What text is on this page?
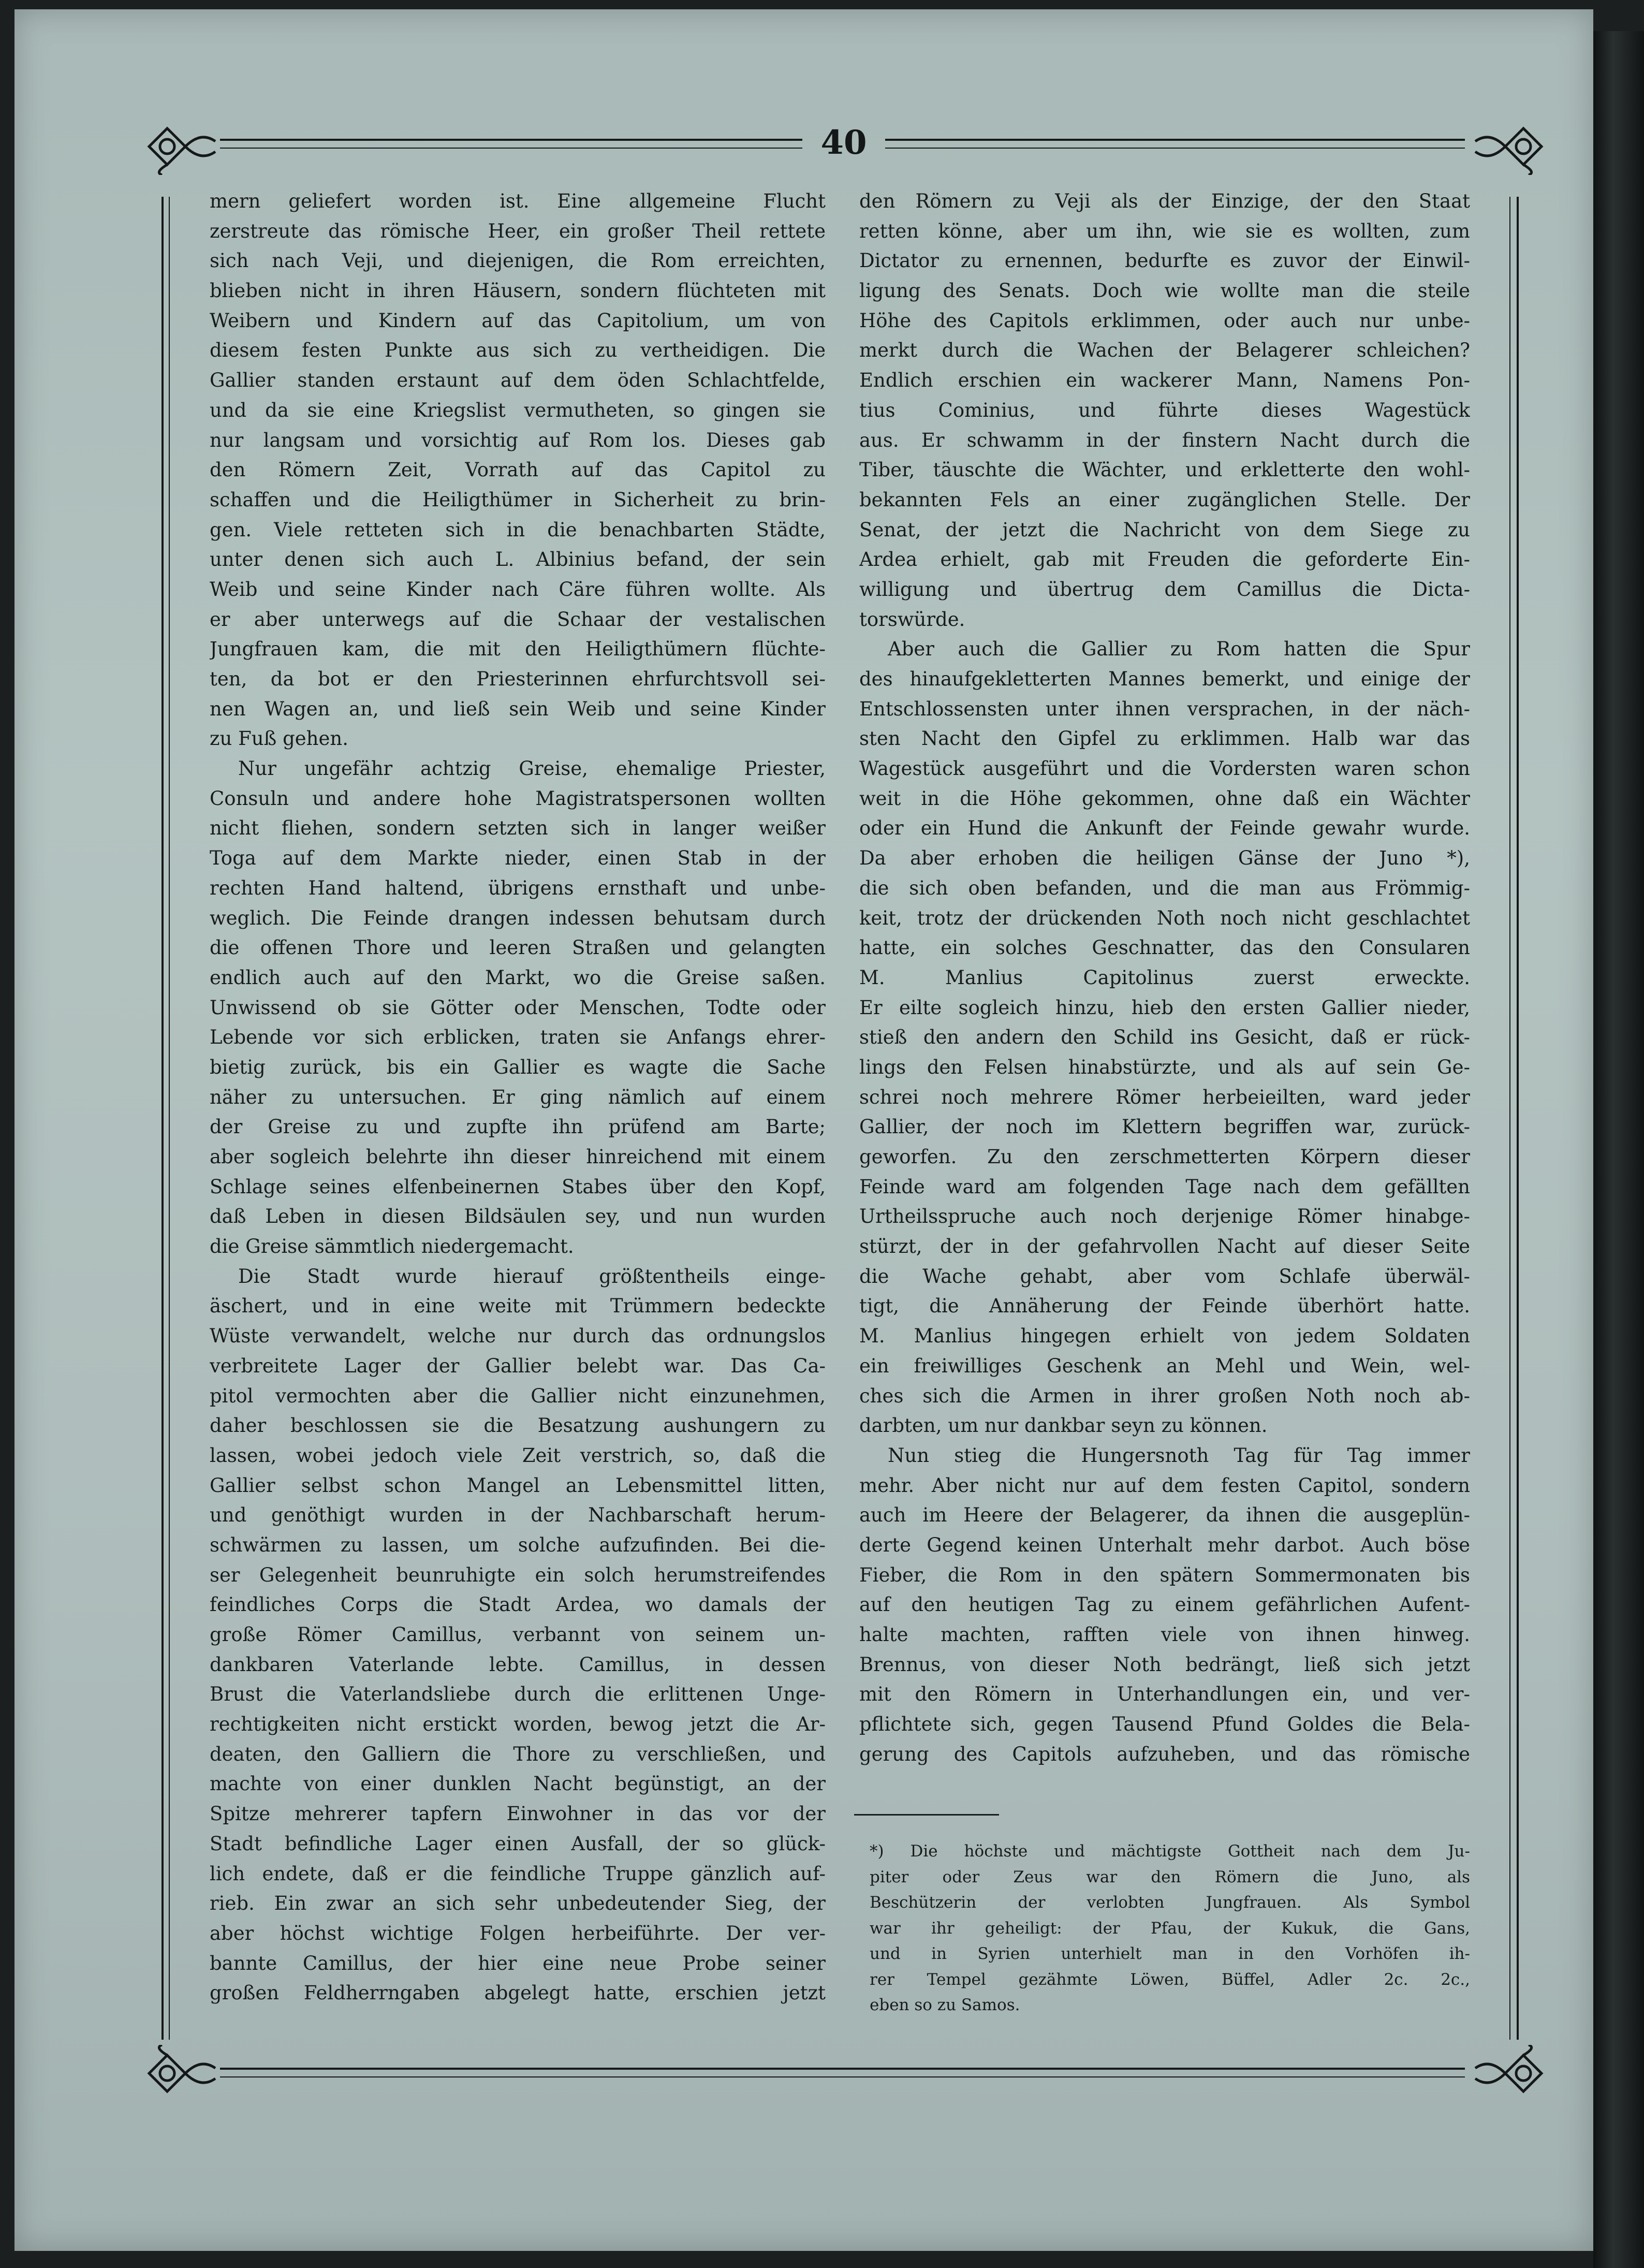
40
mern geliefert worden ist. Eine allgemeine Flucht
zerstreute das römische Heer, ein großer Theil rettete
sich nach Veji, und diejenigen, die Rom erreichten,
blieben nicht in ihren Häusern, sondern flüchteten mit
Weibern und Kindern auf das Capitolium, um von
diesem festen Punkte aus sich zu vertheidigen. Die
Gallier standen erstaunt auf dem öden Schlachtfelde,
und da sie eine Kriegslist vermutheten, so gingen sie
nur langsam und vorsichtig auf Rom los. Dieses gab
den Römern Zeit, Vorrath auf das Capitol zu
schaffen und die Heiligthümer in Sicherheit zu brin-
gen. Viele retteten sich in die benachbarten Städte,
unter denen sich auch L. Albinius befand, der sein
Weib und seine Kinder nach Cäre führen wollte. Als
er aber unterwegs auf die Schaar der vestalischen
Jungfrauen kam, die mit den Heiligthümern flüchte-
ten, da bot er den Priesterinnen ehrfurchtsvoll sei-
nen Wagen an, und ließ sein Weib und seine Kinder
zu Fuß gehen.
Nur ungefähr achtzig Greise, ehemalige Priester,
Consuln und andere hohe Magistratspersonen wollten
nicht fliehen, sondern setzten sich in langer weißer
Toga auf dem Markte nieder, einen Stab in der
rechten Hand haltend, übrigens ernsthaft und unbe-
weglich. Die Feinde drangen indessen behutsam durch
die offenen Thore und leeren Straßen und gelangten
endlich auch auf den Markt, wo die Greise saßen.
Unwissend ob sie Götter oder Menschen, Todte oder
Lebende vor sich erblicken, traten sie Anfangs ehrer-
bietig zurück, bis ein Gallier es wagte die Sache
näher zu untersuchen. Er ging nämlich auf einem
der Greise zu und zupfte ihn prüfend am Barte;
aber sogleich belehrte ihn dieser hinreichend mit einem
Schlage seines elfenbeinernen Stabes über den Kopf,
daß Leben in diesen Bildsäulen sey, und nun wurden
die Greise sämmtlich niedergemacht.
Die Stadt wurde hierauf größtentheils einge-
äschert, und in eine weite mit Trümmern bedeckte
Wüste verwandelt, welche nur durch das ordnungslos
verbreitete Lager der Gallier belebt war. Das Ca-
pitol vermochten aber die Gallier nicht einzunehmen,
daher beschlossen sie die Besatzung aushungern zu
lassen, wobei jedoch viele Zeit verstrich, so, daß die
Gallier selbst schon Mangel an Lebensmittel litten,
und genöthigt wurden in der Nachbarschaft herum-
schwärmen zu lassen, um solche aufzufinden. Bei die-
ser Gelegenheit beunruhigte ein solch herumstreifendes
feindliches Corps die Stadt Ardea, wo damals der
große Römer Camillus, verbannt von seinem un-
dankbaren Vaterlande lebte. Camillus, in dessen
Brust die Vaterlandsliebe durch die erlittenen Unge-
rechtigkeiten nicht erstickt worden, bewog jetzt die Ar-
deaten, den Galliern die Thore zu verschließen, und
machte von einer dunklen Nacht begünstigt, an der
Spitze mehrerer tapfern Einwohner in das vor der
Stadt befindliche Lager einen Ausfall, der so glück-
lich endete, daß er die feindliche Truppe gänzlich auf-
rieb. Ein zwar an sich sehr unbedeutender Sieg, der
aber höchst wichtige Folgen herbeiführte. Der ver-
bannte Camillus, der hier eine neue Probe seiner
großen Feldherrngaben abgelegt hatte, erschien jetzt
den Römern zu Veji als der Einzige, der den Staat
retten könne, aber um ihn, wie sie es wollten, zum
Dictator zu ernennen, bedurfte es zuvor der Einwil-
ligung des Senats. Doch wie wollte man die steile
Höhe des Capitols erklimmen, oder auch nur unbe-
merkt durch die Wachen der Belagerer schleichen?
Endlich erschien ein wackerer Mann, Namens Pon-
tius Cominius, und führte dieses Wagestück
aus. Er schwamm in der finstern Nacht durch die
Tiber, täuschte die Wächter, und erkletterte den wohl-
bekannten Fels an einer zugänglichen Stelle. Der
Senat, der jetzt die Nachricht von dem Siege zu
Ardea erhielt, gab mit Freuden die geforderte Ein-
willigung und übertrug dem Camillus die Dicta-
torswürde.
Aber auch die Gallier zu Rom hatten die Spur
des hinaufgekletterten Mannes bemerkt, und einige der
Entschlossensten unter ihnen versprachen, in der näch-
sten Nacht den Gipfel zu erklimmen. Halb war das
Wagestück ausgeführt und die Vordersten waren schon
weit in die Höhe gekommen, ohne daß ein Wächter
oder ein Hund die Ankunft der Feinde gewahr wurde.
Da aber erhoben die heiligen Gänse der Juno *),
die sich oben befanden, und die man aus Frömmig-
keit, trotz der drückenden Noth noch nicht geschlachtet
hatte, ein solches Geschnatter, das den Consularen
M. Manlius Capitolinus zuerst erweckte.
Er eilte sogleich hinzu, hieb den ersten Gallier nieder,
stieß den andern den Schild ins Gesicht, daß er rück-
lings den Felsen hinabstürzte, und als auf sein Ge-
schrei noch mehrere Römer herbeieilten, ward jeder
Gallier, der noch im Klettern begriffen war, zurück-
geworfen. Zu den zerschmetterten Körpern dieser
Feinde ward am folgenden Tage nach dem gefällten
Urtheilsspruche auch noch derjenige Römer hinabge-
stürzt, der in der gefahrvollen Nacht auf dieser Seite
die Wache gehabt, aber vom Schlafe überwäl-
tigt, die Annäherung der Feinde überhört hatte.
M. Manlius hingegen erhielt von jedem Soldaten
ein freiwilliges Geschenk an Mehl und Wein, wel-
ches sich die Armen in ihrer großen Noth noch ab-
darbten, um nur dankbar seyn zu können.
Nun stieg die Hungersnoth Tag für Tag immer
mehr. Aber nicht nur auf dem festen Capitol, sondern
auch im Heere der Belagerer, da ihnen die ausgeplün-
derte Gegend keinen Unterhalt mehr darbot. Auch böse
Fieber, die Rom in den spätern Sommermonaten bis
auf den heutigen Tag zu einem gefährlichen Aufent-
halte machten, rafften viele von ihnen hinweg.
Brennus, von dieser Noth bedrängt, ließ sich jetzt
mit den Römern in Unterhandlungen ein, und ver-
pflichtete sich, gegen Tausend Pfund Goldes die Bela-
gerung des Capitols aufzuheben, und das römische
*) Die höchste und mächtigste Gottheit nach dem Ju-
piter oder Zeus war den Römern die Juno, als
Beschützerin der verlobten Jungfrauen. Als Symbol
war ihr geheiligt: der Pfau, der Kukuk, die Gans,
und in Syrien unterhielt man in den Vorhöfen ih-
rer Tempel gezähmte Löwen, Büffel, Adler 2c. 2c.,
eben so zu Samos.
